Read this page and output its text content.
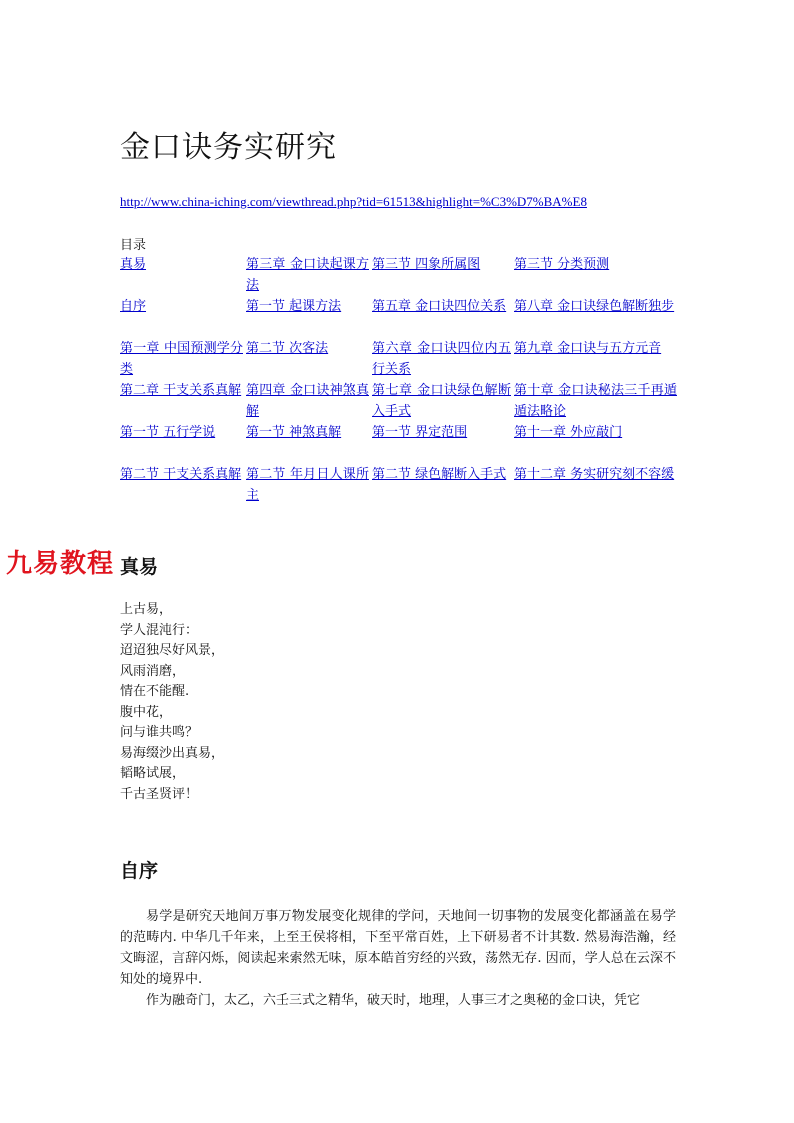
金口诀务实研究
http://www.china-iching.com/viewthread.php?tid=61513&highlight=%C3%D7%BA%E8
目录
真易	第三章 金口诀起课方法	第三节 四象所属图	第三节 分类预测
自序	第一节 起课方法	第五章 金口诀四位关系	第八章 金口诀绿色解断独步
第一章 中国预测学分类	第二节 次客法	第六章 金口诀四位内五行关系	第九章 金口诀与五方元音
第二章 干支关系真解	第四章 金口诀神煞真解	第七章 金口诀绿色解断入手式	第十章 金口诀秘法三千再遁遁法略论
第一节 五行学说	第一节 神煞真解	第一节 界定范围	第十一章 外应敲门
第二节 干支关系真解	第二节 年月日人课所主	第二节 绿色解断入手式	第十二章 务实研究刻不容缓
九易教程 真易
上古易，
学人混沌行：
迢迢独尽好风景，
风雨消磨，
情在不能醒.
腹中花，
问与谁共鸣？
易海缀沙出真易，
韬略试展，
千古圣贤评！
自序

易学是研究天地间万事万物发展变化规律的学问，天地间一切事物的发展变化都涵盖在易学的范畴内. 中华几千年来，上至王侯将相，下至平常百姓，上下研易者不计其数. 然易海浩瀚，经文晦涩，言辞闪烁，阅读起来索然无味，原本皓首穷经的兴致，荡然无存. 因而，学人总在云深不知处的境界中.

作为融奇门，太乙，六壬三式之精华，破天时，地理，人事三才之奥秘的金口诀，凭它
